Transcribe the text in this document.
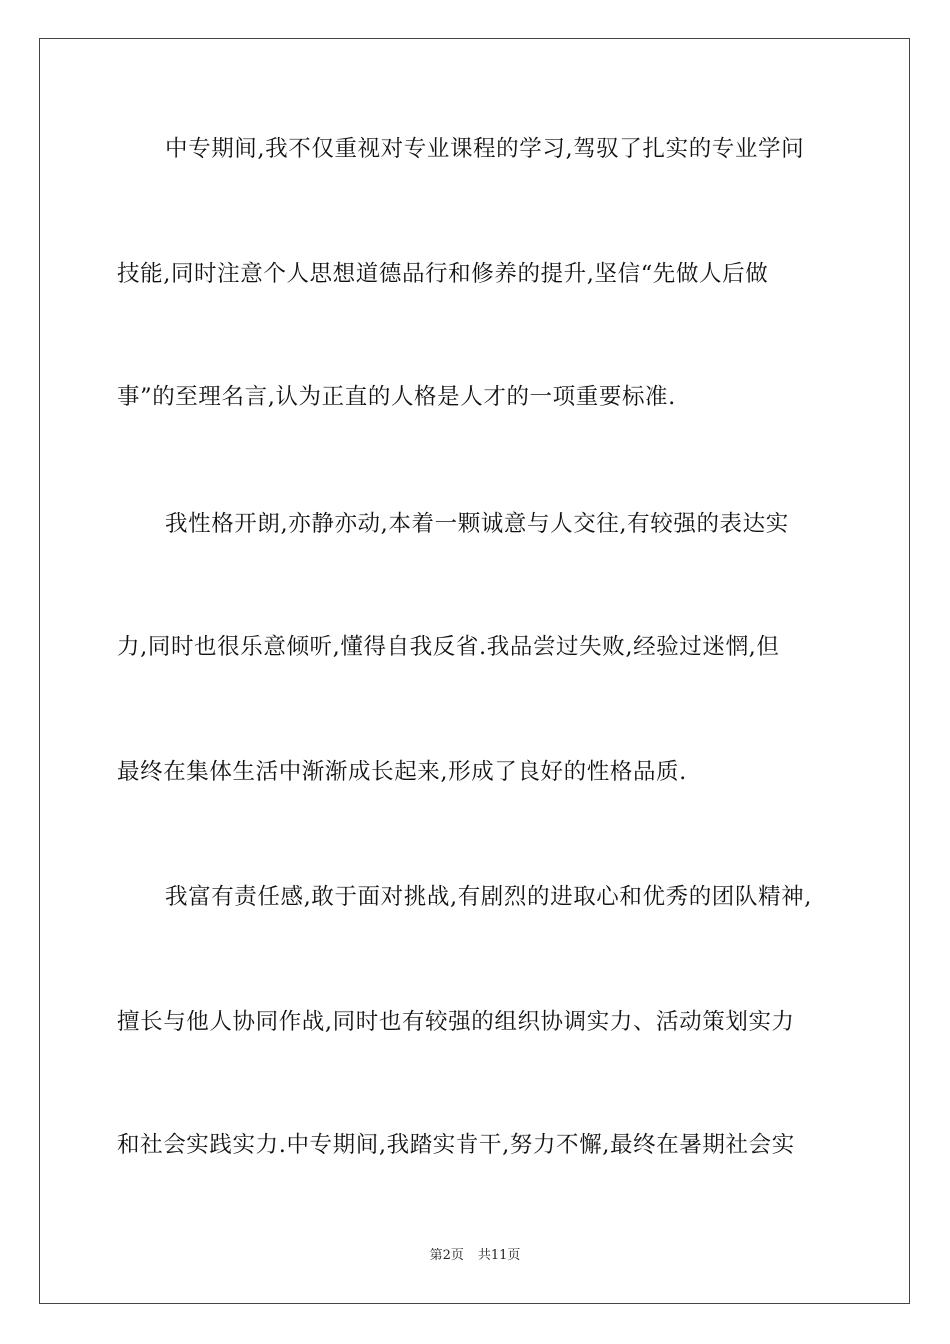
中专期间,我不仅重视对专业课程的学习,驾驭了扎实的专业学问
技能,同时注意个人思想道德品行和修养的提升,坚信“先做人后做
事”的至理名言,认为正直的人格是人才的一项重要标准.
我性格开朗,亦静亦动,本着一颗诚意与人交往,有较强的表达实
力,同时也很乐意倾听,懂得自我反省.我品尝过失败,经验过迷惘,但
最终在集体生活中渐渐成长起来,形成了良好的性格品质.
我富有责任感,敢于面对挑战,有剧烈的进取心和优秀的团队精神,
擅长与他人协同作战,同时也有较强的组织协调实力、活动策划实力
和社会实践实力.中专期间,我踏实肯干,努力不懈,最终在暑期社会实
第2页 共11页
